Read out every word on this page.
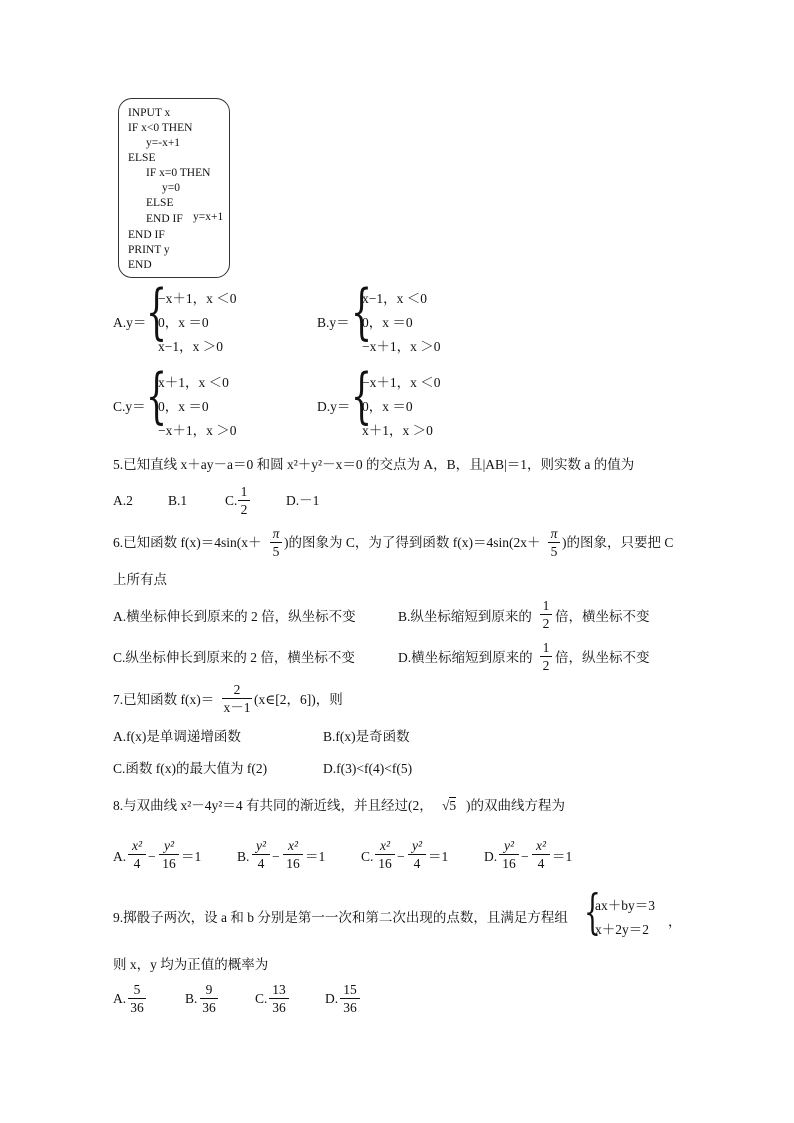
INPUT x
IF x<0 THEN
y=-x+1
ELSE
IF x=0 THEN
y=0
ELSE
END IF y=x+1
END IF
PRINT y
END
A.y＝ {
−x＋1，x ＜0
0，x ＝0
x−1，x ＞0
B.y＝ {
x−1，x ＜0
0，x ＝0
−x＋1，x ＞0
C.y＝ {
x＋1，x ＜0
0，x ＝0
−x＋1，x ＞0
D.y＝ {
−x＋1，x ＜0
0，x ＝0
x＋1，x ＞0
5.已知直线 x＋ay－a＝0 和圆 x²＋y²－x＝0 的交点为 A，B，且|AB|＝1，则实数 a 的值为
A.2	B.1	C.
1
2
D.－1
6.已知函数 f(x)＝4sin(x＋
π
5
)的图象为 C，为了得到函数 f(x)＝4sin(2x＋
π
5
)的图象，只要把 C
上所有点
A.横坐标伸长到原来的 2 倍，纵坐标不变	B.纵坐标缩短到原来的
1
2 倍，横坐标不变
C.纵坐标伸长到原来的 2 倍，横坐标不变	D.横坐标缩短到原来的
1
2
倍，纵坐标不变
7.已知函数 f(x)＝
2
x－1
(x∈[2，6])，则
A.f(x)是单调递增函数	B.f(x)是奇函数
C.函数 f(x)的最大值为 f(2)	D.f(3)<f(4)<f(5)
8.与双曲线 x²－4y²＝4 有共同的渐近线，并且经过(2， √5 )的双曲线方程为
A.
x²
4 −
y²
16 ＝1	B.
y²
4 −
x²
16 ＝1	C.
x²
16 −
y²
4 ＝1	D.
y²
16 −
x²
4 ＝1
9.掷骰子两次，设 a 和 b 分别是第一一次和第二次出现的点数，且满足方程组 {
ax＋by＝3
x＋2y＝2
，
则 x，y 均为正值的概率为
A.
5
36
B.
9
36
C.
13
36
D.
15
36
